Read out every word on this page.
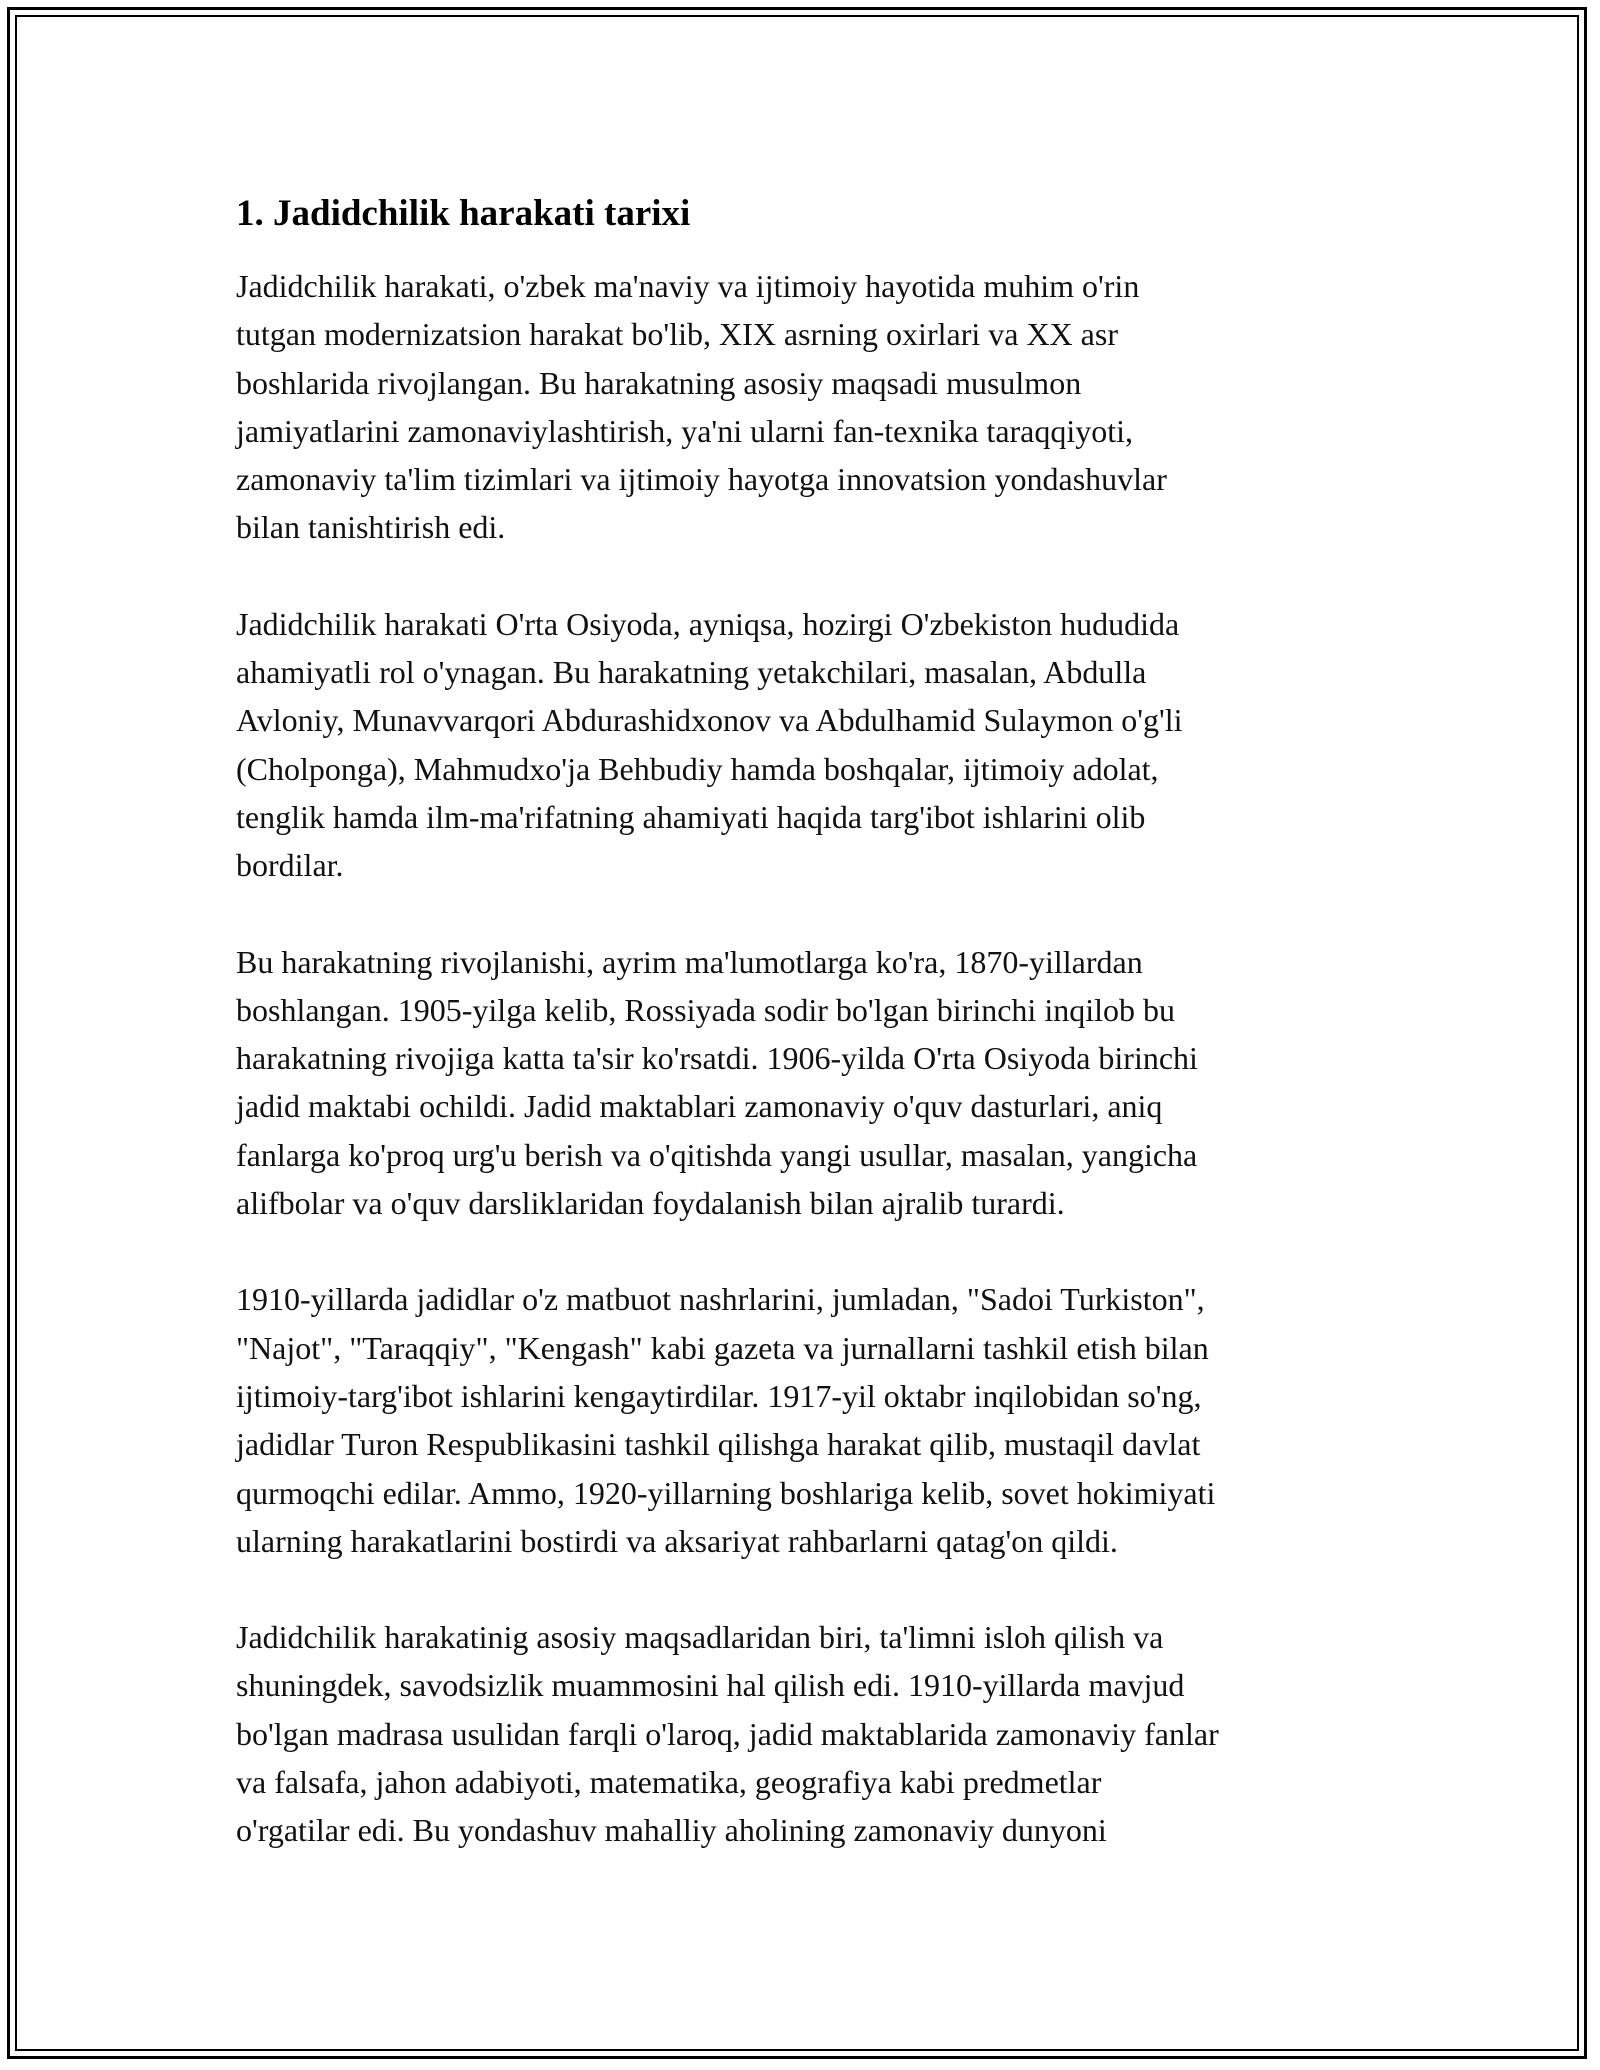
1. Jadidchilik harakati tarixi

Jadidchilik harakati, o'zbek ma'naviy va ijtimoiy hayotida muhim o'rin
tutgan modernizatsion harakat bo'lib, XIX asrning oxirlari va XX asr
boshlarida rivojlangan. Bu harakatning asosiy maqsadi musulmon
jamiyatlarini zamonaviylashtirish, ya'ni ularni fan-texnika taraqqiyoti,
zamonaviy ta'lim tizimlari va ijtimoiy hayotga innovatsion yondashuvlar
bilan tanishtirish edi.

Jadidchilik harakati O'rta Osiyoda, ayniqsa, hozirgi O'zbekiston hududida
ahamiyatli rol o'ynagan. Bu harakatning yetakchilari, masalan, Abdulla
Avloniy, Munavvarqori Abdurashidxonov va Abdulhamid Sulaymon o'g'li
(Cholponga), Mahmudxo'ja Behbudiy hamda boshqalar, ijtimoiy adolat,
tenglik hamda ilm-ma'rifatning ahamiyati haqida targ'ibot ishlarini olib
bordilar.

Bu harakatning rivojlanishi, ayrim ma'lumotlarga ko'ra, 1870-yillardan
boshlangan. 1905-yilga kelib, Rossiyada sodir bo'lgan birinchi inqilob bu
harakatning rivojiga katta ta'sir ko'rsatdi. 1906-yilda O'rta Osiyoda birinchi
jadid maktabi ochildi. Jadid maktablari zamonaviy o'quv dasturlari, aniq
fanlarga ko'proq urg'u berish va o'qitishda yangi usullar, masalan, yangicha
alifbolar va o'quv darsliklaridan foydalanish bilan ajralib turardi.

1910-yillarda jadidlar o'z matbuot nashrlarini, jumladan, "Sadoi Turkiston",
"Najot", "Taraqqiy", "Kengash" kabi gazeta va jurnallarni tashkil etish bilan
ijtimoiy-targ'ibot ishlarini kengaytirdilar. 1917-yil oktabr inqilobidan so'ng,
jadidlar Turon Respublikasini tashkil qilishga harakat qilib, mustaqil davlat
qurmoqchi edilar. Ammo, 1920-yillarning boshlariga kelib, sovet hokimiyati
ularning harakatlarini bostirdi va aksariyat rahbarlarni qatag'on qildi.

Jadidchilik harakatinig asosiy maqsadlaridan biri, ta'limni isloh qilish va
shuningdek, savodsizlik muammosini hal qilish edi. 1910-yillarda mavjud
bo'lgan madrasa usulidan farqli o'laroq, jadid maktablarida zamonaviy fanlar
va falsafa, jahon adabiyoti, matematika, geografiya kabi predmetlar
o'rgatilar edi. Bu yondashuv mahalliy aholining zamonaviy dunyoni
